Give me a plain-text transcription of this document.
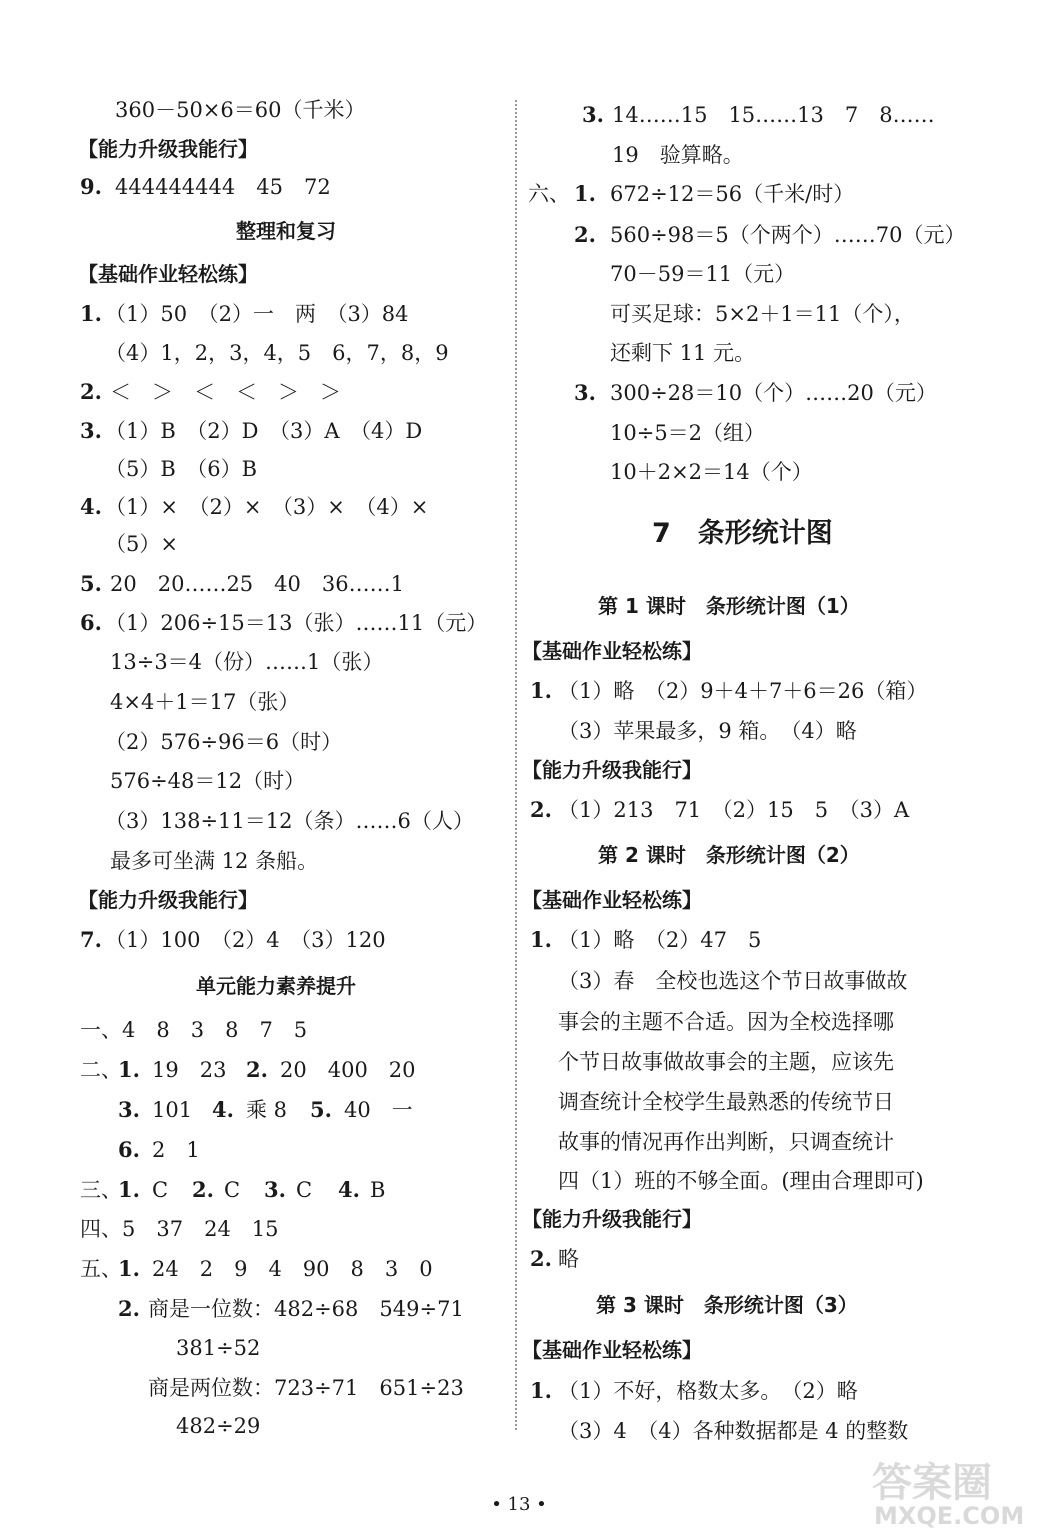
360－50×6＝60（千米）
【能力升级我能行】
9. 444444444　45　72
整理和复习
【基础作业轻松练】
1. （1）50　（2）一　两　（3）84
（4）1，2，3，4，5　6，7，8，9
2. ＜　＞　＜　＜　＞　＞
3. （1）B　（2）D　（3）A　（4）D
（5）B　（6）B
4. （1）×　（2）×　（3）×　（4）×
（5）×
5. 20　20……25　40　36……1
6. （1）206÷15＝13（张）……11（元）
13÷3＝4（份）……1（张）
4×4＋1＝17（张）
（2）576÷96＝6（时）
576÷48＝12（时）
（3）138÷11＝12（条）……6（人）
最多可坐满 12 条船。
【能力升级我能行】
7. （1）100　（2）4　（3）120
单元能力素养提升
一、4　8　3　8　7　5
二、
1. 19　23　
2. 20　400　20
3. 101　
4. 乘 8　 5. 40　一
6. 2　1
三、
1. C　 2. C　 3. C　 4. B
四、5　37　24　15
五、
1. 24　2　9　4　90　8　3　0
2. 商是一位数：482÷68　549÷71
381÷52
商是两位数：723÷71　651÷23
482÷29
3. 14……15　15……13　7　8……
19　验算略。
六、 1. 672÷12＝56（千米/时）
2. 560÷98＝5（个两个）……70（元）
70－59＝11（元）
可买足球：5×2＋1＝11（个），
还剩下 11 元。
3. 300÷28＝10（个）……20（元）
10÷5＝2（组）
10＋2×2＝14（个）
7　条形统计图
第 1 课时　条形统计图（1）
【基础作业轻松练】
1. （1）略　（2）9＋4＋7＋6＝26（箱）
（3）苹果最多，9 箱。　（4）略
【能力升级我能行】
2. （1）213　71　（2）15　5　（3）A
第 2 课时　条形统计图（2）
【基础作业轻松练】
1. （1）略　（2）47　5
（3）春　全校也选这个节日故事做故
事会的主题不合适。因为全校选择哪
个节日故事做故事会的主题，应该先
调查统计全校学生最熟悉的传统节日
故事的情况再作出判断，只调查统计
四（1）班的不够全面。(理由合理即可)
【能力升级我能行】
2. 略
第 3 课时　条形统计图（3）
【基础作业轻松练】
1. （1）不好，格数太多。　（2）略
（3）4　（4）各种数据都是 4 的整数
• 13 •	答案圈
MXQE.COM
